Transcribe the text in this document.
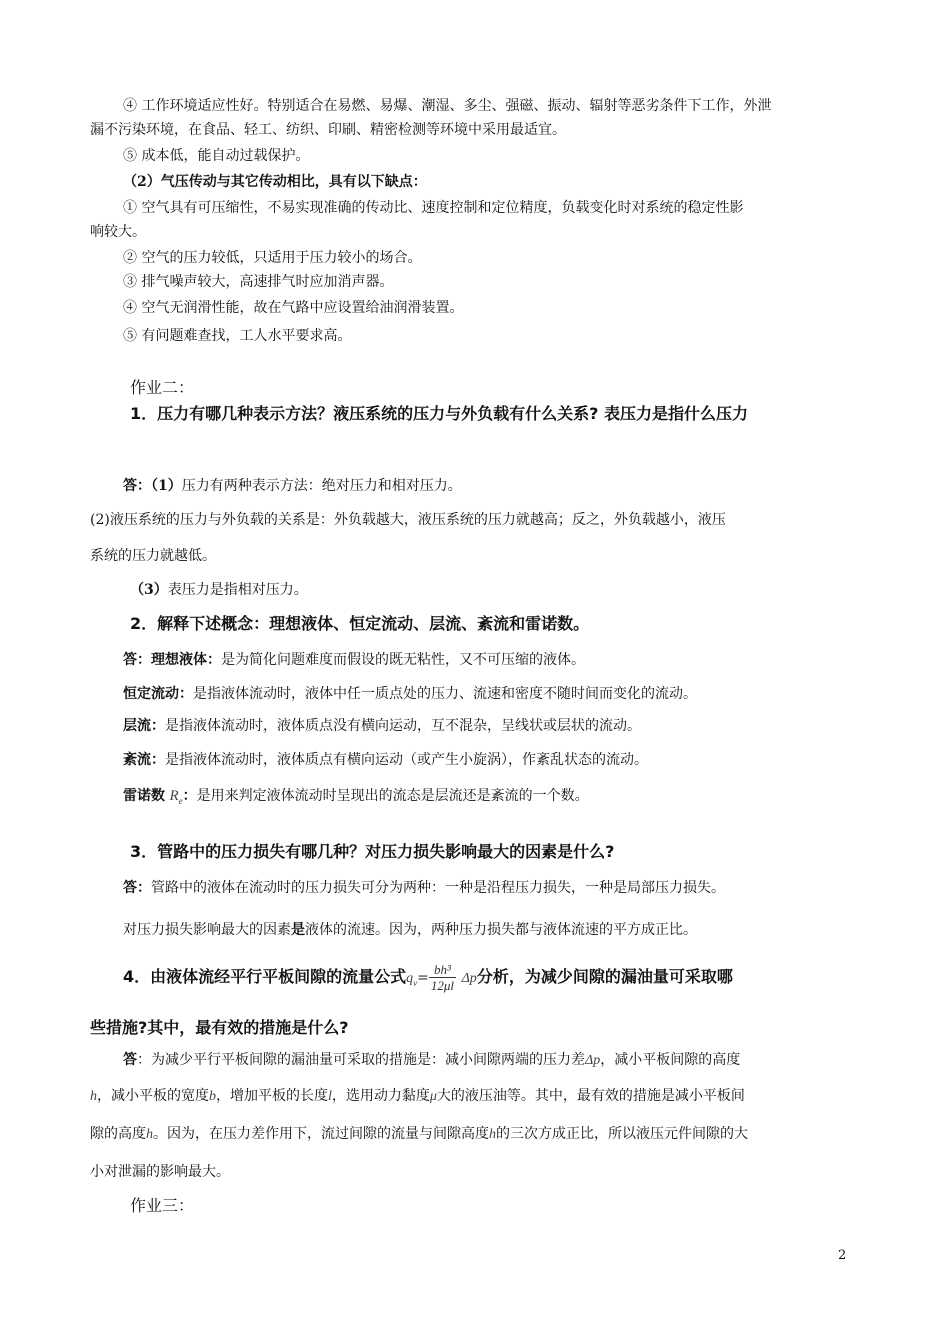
④ 工作环境适应性好。特别适合在易燃、易爆、潮湿、多尘、强磁、振动、辐射等恶劣条件下工作，外泄
漏不污染环境，在食品、轻工、纺织、印刷、精密检测等环境中采用最适宜。
⑤ 成本低，能自动过载保护。
（2）气压传动与其它传动相比，具有以下缺点：
① 空气具有可压缩性，不易实现准确的传动比、速度控制和定位精度，负载变化时对系统的稳定性影
响较大。
② 空气的压力较低，只适用于压力较小的场合。
③ 排气噪声较大，高速排气时应加消声器。
④ 空气无润滑性能，故在气路中应设置给油润滑装置。
⑤ 有问题难查找，工人水平要求高。
作业二：
1．压力有哪几种表示方法？液压系统的压力与外负载有什么关系? 表压力是指什么压力
答：（1）压力有两种表示方法：绝对压力和相对压力。
(2)液压系统的压力与外负载的关系是：外负载越大，液压系统的压力就越高；反之，外负载越小，液压
系统的压力就越低。
（3）表压力是指相对压力。
2．解释下述概念：理想液体、恒定流动、层流、紊流和雷诺数。
答：理想液体：是为简化问题难度而假设的既无粘性，又不可压缩的液体。
恒定流动：是指液体流动时，液体中任一质点处的压力、流速和密度不随时间而变化的流动。
层流：是指液体流动时，液体质点没有横向运动，互不混杂，呈线状或层状的流动。
紊流：是指液体流动时，液体质点有横向运动（或产生小旋涡），作紊乱状态的流动。
雷诺数 $R_e$：是用来判定液体流动时呈现出的流态是层流还是紊流的一个数。
3．管路中的压力损失有哪几种？对压力损失影响最大的因素是什么?
答：管路中的液体在流动时的压力损失可分为两种：一种是沿程压力损失，一种是局部压力损失。
对压力损失影响最大的因素是液体的流速。因为，两种压力损失都与液体流速的平方成正比。
4．由液体流经平行平板间隙的流量公式$q_v= \frac{\text{bh³}}{12\mu l}$ Δp分析，为减少间隙的漏油量可采取哪
些措施?其中，最有效的措施是什么?
答：为减少平行平板间隙的漏油量可采取的措施是：减小间隙两端的压力差Δp，减小平板间隙的高度
h，减小平板的宽度b，增加平板的长度l，选用动力黏度μ大的液压油等。其中，最有效的措施是减小平板间
隙的高度h。因为，在压力差作用下，流过间隙的流量与间隙高度h的三次方成正比，所以液压元件间隙的大
小对泄漏的影响最大。
作业三：
2
